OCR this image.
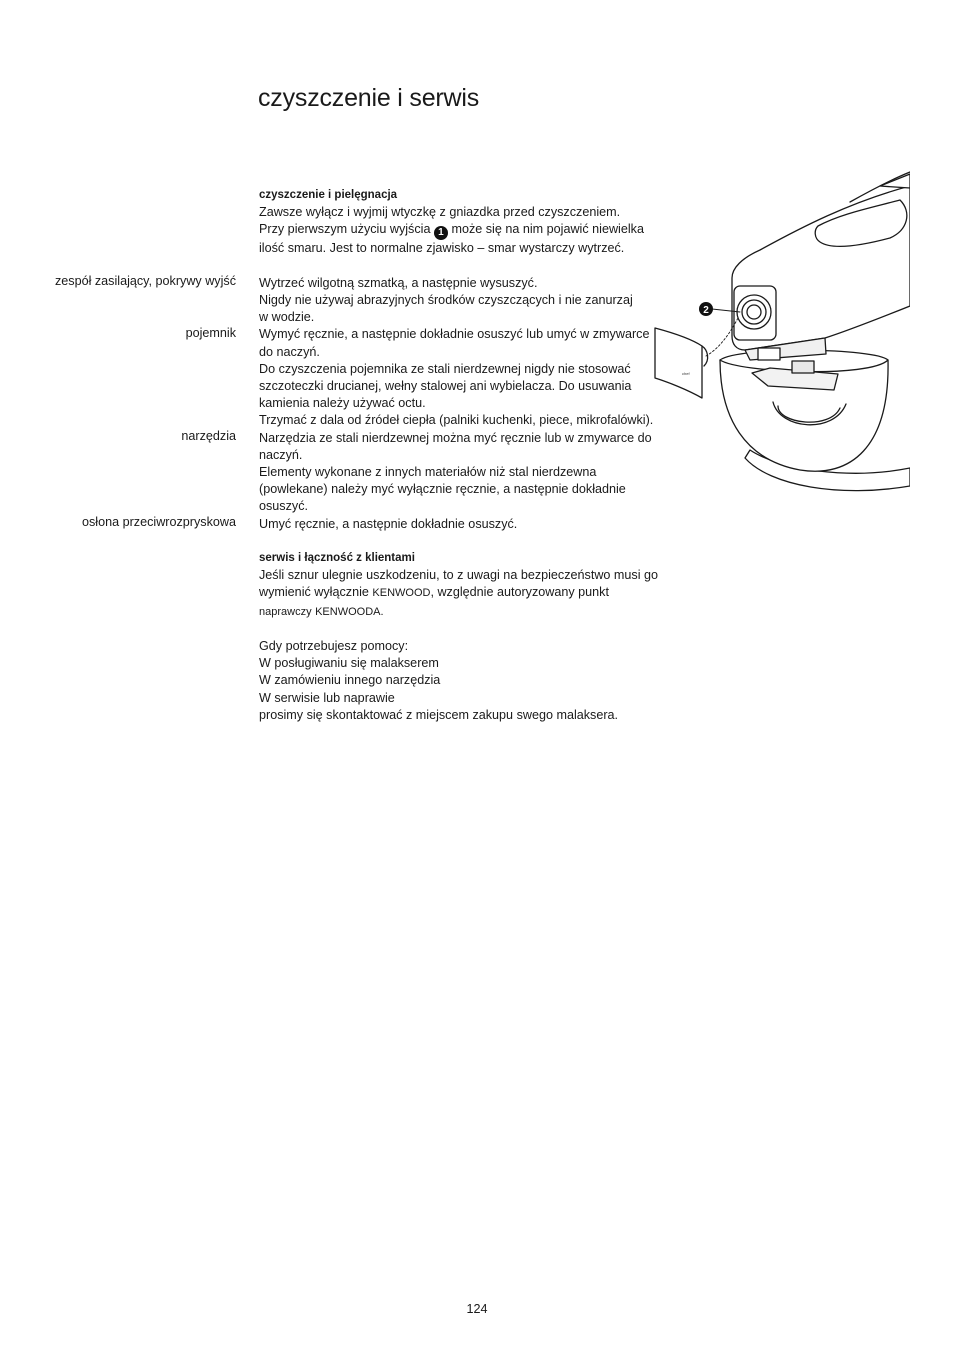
czyszczenie i serwis
zespół zasilający, pokrywy wyjść
pojemnik
narzędzia
osłona przeciwrozpryskowa
czyszczenie i pielęgnacja
Zawsze wyłącz i wyjmij wtyczkę z gniazdka przed czyszczeniem.
Przy pierwszym użyciu wyjścia 1 może się na nim pojawić niewielka
ilość smaru. Jest to normalne zjawisko – smar wystarczy wytrzeć.
Wytrzeć wilgotną szmatką, a następnie wysuszyć.
Nigdy nie używaj abrazyjnych środków czyszczących i nie zanurzaj
w wodzie.
Wymyć ręcznie, a następnie dokładnie osuszyć lub umyć w zmywarce
do naczyń.
Do czyszczenia pojemnika ze stali nierdzewnej nigdy nie stosować
szczoteczki drucianej, wełny stalowej ani wybielacza. Do usuwania
kamienia należy używać octu.
Trzymać z dala od źródeł ciepła (palniki kuchenki, piece, mikrofalówki).
Narzędzia ze stali nierdzewnej można myć ręcznie lub w zmywarce do
naczyń.
Elementy wykonane z innych materiałów niż stal nierdzewna
(powlekane) należy myć wyłącznie ręcznie, a następnie dokładnie
osuszyć.
Umyć ręcznie, a następnie dokładnie osuszyć.
serwis i łączność z klientami
Jeśli sznur ulegnie uszkodzeniu, to z uwagi na bezpieczeństwo musi go
wymienić wyłącznie KENWOOD, względnie autoryzowany punkt
naprawczy KENWOODA.
Gdy potrzebujesz pomocy:
W posługiwaniu się malakserem
W zamówieniu innego narzędzia
W serwisie lub naprawie
prosimy się skontaktować z miejscem zakupu swego malaksera.
chef
2
124
